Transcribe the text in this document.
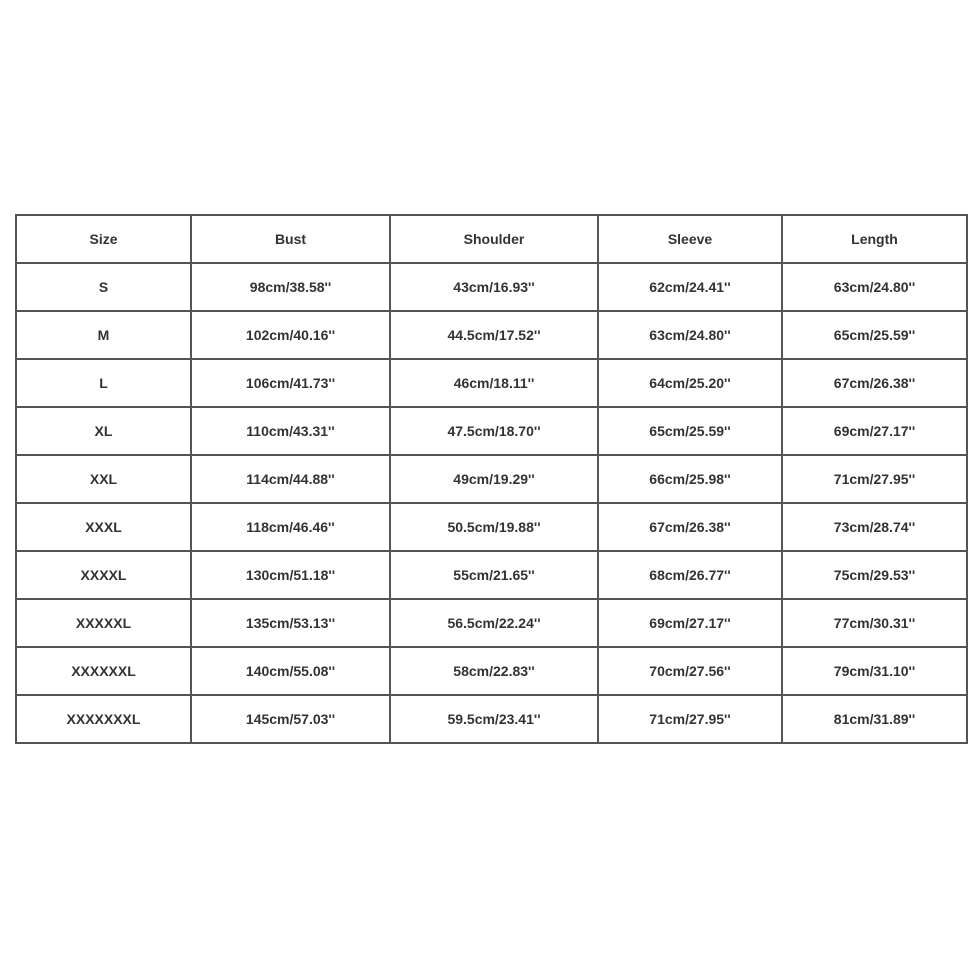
Size	Bust	Shoulder	Sleeve	Length
S	98cm/38.58''	43cm/16.93''	62cm/24.41''	63cm/24.80''
M	102cm/40.16''	44.5cm/17.52''	63cm/24.80''	65cm/25.59''
L	106cm/41.73''	46cm/18.11''	64cm/25.20''	67cm/26.38''
XL	110cm/43.31''	47.5cm/18.70''	65cm/25.59''	69cm/27.17''
XXL	114cm/44.88''	49cm/19.29''	66cm/25.98''	71cm/27.95''
XXXL	118cm/46.46''	50.5cm/19.88''	67cm/26.38''	73cm/28.74''
XXXXL	130cm/51.18''	55cm/21.65''	68cm/26.77''	75cm/29.53''
XXXXXL	135cm/53.13''	56.5cm/22.24''	69cm/27.17''	77cm/30.31''
XXXXXXL	140cm/55.08''	58cm/22.83''	70cm/27.56''	79cm/31.10''
XXXXXXXL	145cm/57.03''	59.5cm/23.41''	71cm/27.95''	81cm/31.89''
